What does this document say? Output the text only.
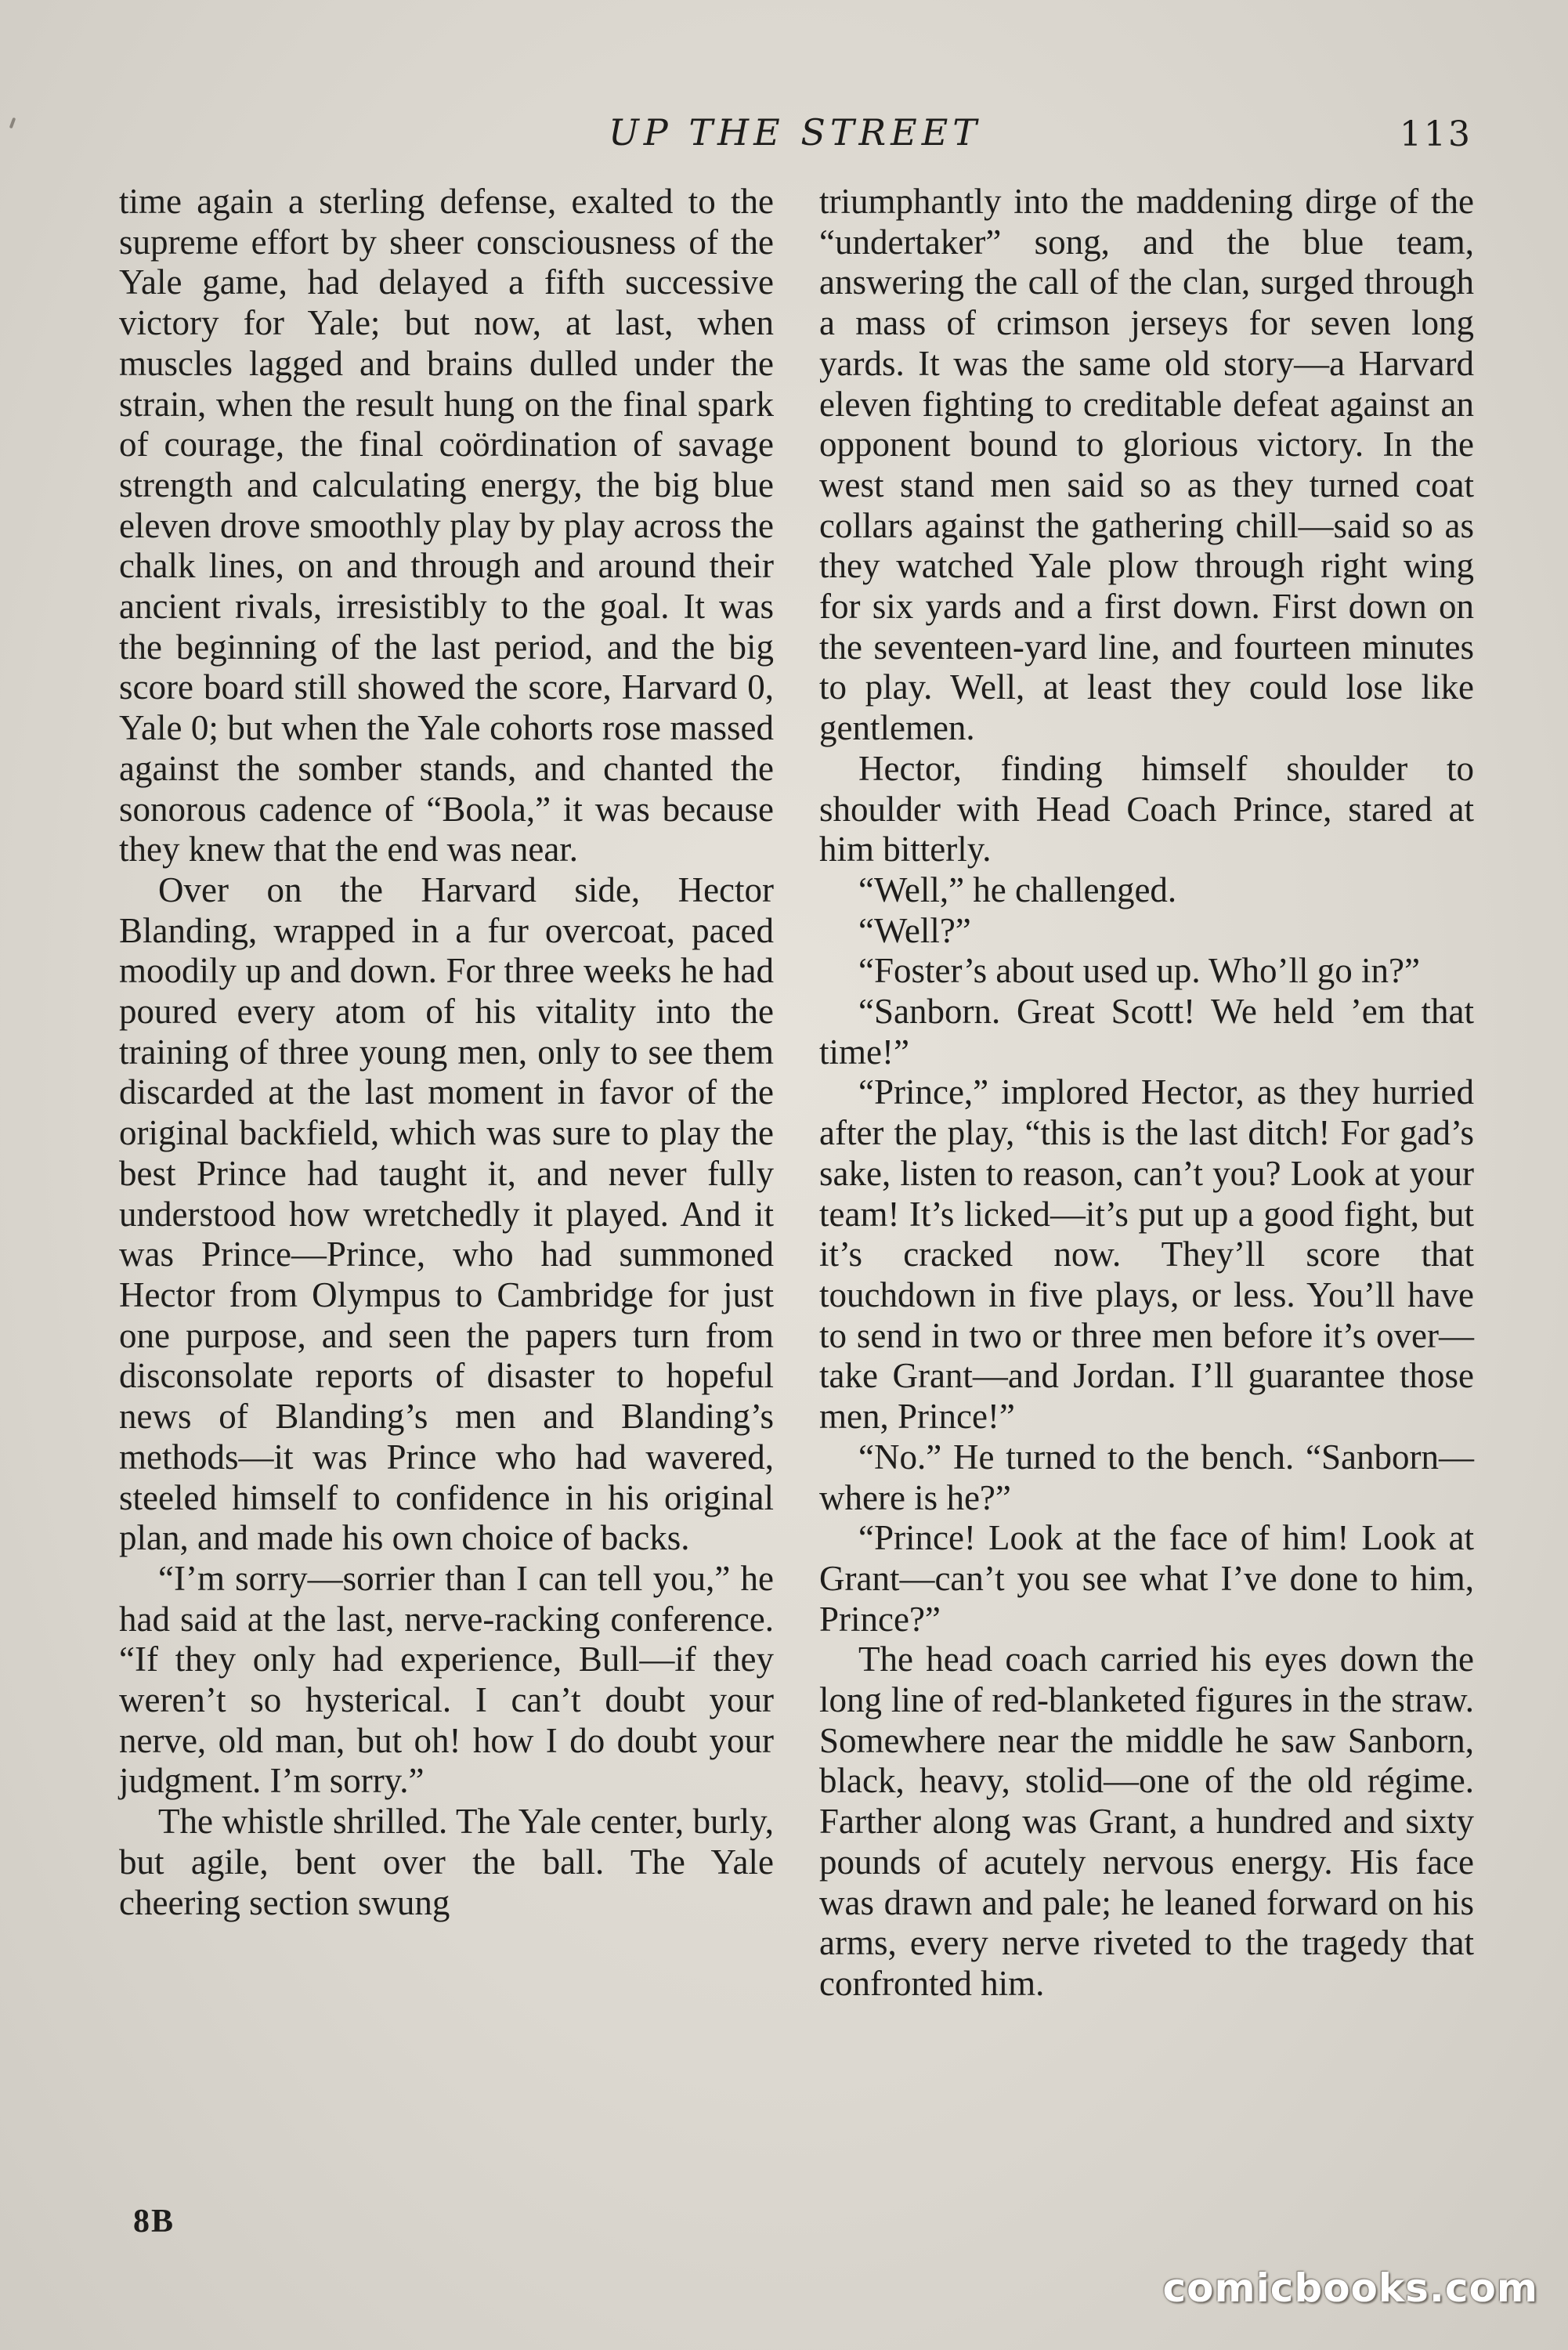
UP THE STREET	113

time again a sterling defense, exalted to the supreme effort by sheer consciousness of the Yale game, had delayed a fifth successive victory for Yale; but now, at last, when muscles lagged and brains dulled under the strain, when the result hung on the final spark of courage, the final coördination of savage strength and calculating energy, the big blue eleven drove smoothly play by play across the chalk lines, on and through and around their ancient rivals, irresistibly to the goal. It was the beginning of the last period, and the big score board still showed the score, Harvard 0, Yale 0; but when the Yale cohorts rose massed against the somber stands, and chanted the sonorous cadence of “Boola,” it was because they knew that the end was near.

Over on the Harvard side, Hector Blanding, wrapped in a fur overcoat, paced moodily up and down. For three weeks he had poured every atom of his vitality into the training of three young men, only to see them discarded at the last moment in favor of the original backfield, which was sure to play the best Prince had taught it, and never fully understood how wretchedly it played. And it was Prince—Prince, who had summoned Hector from Olympus to Cambridge for just one purpose, and seen the papers turn from disconsolate reports of disaster to hopeful news of Blanding’s men and Blanding’s methods—it was Prince who had wavered, steeled himself to confidence in his original plan, and made his own choice of backs.

“I’m sorry—sorrier than I can tell you,” he had said at the last, nerve-racking conference. “If they only had experience, Bull—if they weren’t so hysterical. I can’t doubt your nerve, old man, but oh! how I do doubt your judgment. I’m sorry.”

The whistle shrilled. The Yale center, burly, but agile, bent over the ball. The Yale cheering section swung

triumphantly into the maddening dirge of the “undertaker” song, and the blue team, answering the call of the clan, surged through a mass of crimson jerseys for seven long yards. It was the same old story—a Harvard eleven fighting to creditable defeat against an opponent bound to glorious victory. In the west stand men said so as they turned coat collars against the gathering chill—said so as they watched Yale plow through right wing for six yards and a first down. First down on the seventeen-yard line, and fourteen minutes to play. Well, at least they could lose like gentlemen.

Hector, finding himself shoulder to shoulder with Head Coach Prince, stared at him bitterly.

“Well,” he challenged.

“Well?”

“Foster’s about used up. Who’ll go in?”

“Sanborn. Great Scott! We held ’em that time!”

“Prince,” implored Hector, as they hurried after the play, “this is the last ditch! For gad’s sake, listen to reason, can’t you? Look at your team! It’s licked—it’s put up a good fight, but it’s cracked now. They’ll score that touchdown in five plays, or less. You’ll have to send in two or three men before it’s over—take Grant—and Jordan. I’ll guarantee those men, Prince!”

“No.” He turned to the bench. “Sanborn—where is he?”

“Prince! Look at the face of him! Look at Grant—can’t you see what I’ve done to him, Prince?”

The head coach carried his eyes down the long line of red-blanketed figures in the straw. Somewhere near the middle he saw Sanborn, black, heavy, stolid—one of the old régime. Farther along was Grant, a hundred and sixty pounds of acutely nervous energy. His face was drawn and pale; he leaned forward on his arms, every nerve riveted to the tragedy that confronted him.

8B
comicbooks.com
